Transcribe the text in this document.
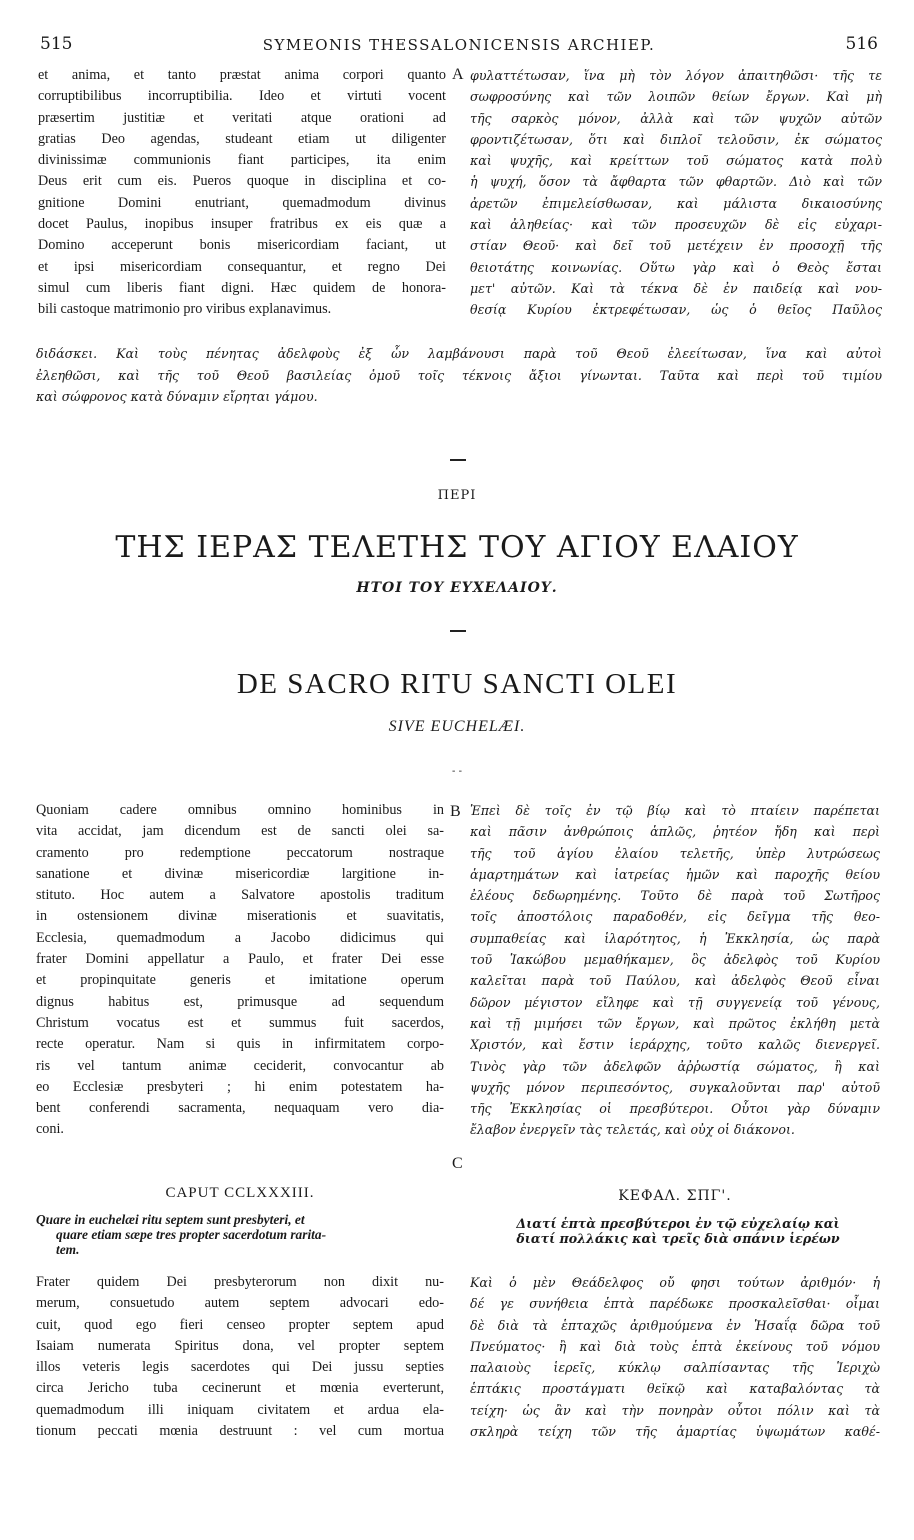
515	SYMEONIS THESSALONICENSIS ARCHIEP.	516
et anima, et tanto præstat anima corpori quanto
corruptibilibus incorruptibilia. Ideo et virtuti vocent
præsertim justitiæ et veritati atque orationi ad
gratias Deo agendas, studeant etiam ut diligenter
divinissimæ communionis fiant participes, ita enim
Deus erit cum eis. Pueros quoque in disciplina et co-
gnitione Domini enutriant, quemadmodum divinus
docet Paulus, inopibus insuper fratribus ex eis quæ a
Domino acceperunt bonis misericordiam faciant, ut
et ipsi misericordiam consequantur, et regno Dei
simul cum liberis fiant digni. Hæc quidem de honora-
bili castoque matrimonio pro viribus explanavimus.
A φυλαττέτωσαν, ἵνα μὴ τὸν λόγον ἀπαιτηθῶσι· τῆς τε
σωφροσύνης καὶ τῶν λοιπῶν θείων ἔργων. Καὶ μὴ
τῆς σαρκὸς μόνον, ἀλλὰ καὶ τῶν ψυχῶν αὐτῶν
φροντιζέτωσαν, ὅτι καὶ διπλοῖ τελοῦσιν, ἐκ σώματος
καὶ ψυχῆς, καὶ κρείττων τοῦ σώματος κατὰ πολὺ
ἡ ψυχή, ὅσον τὰ ἄφθαρτα τῶν φθαρτῶν. Διὸ καὶ τῶν
ἀρετῶν ἐπιμελείσθωσαν, καὶ μάλιστα δικαιοσύνης
καὶ ἀληθείας· καὶ τῶν προσευχῶν δὲ εἰς εὐχαρι-
στίαν Θεοῦ· καὶ δεῖ τοῦ μετέχειν ἐν προσοχῇ τῆς
θειοτάτης κοινωνίας. Οὕτω γὰρ καὶ ὁ Θεὸς ἔσται
μετ' αὐτῶν. Καὶ τὰ τέκνα δὲ ἐν παιδείᾳ καὶ νου-
θεσίᾳ Κυρίου ἐκτρεφέτωσαν, ὡς ὁ θεῖος Παῦλος
διδάσκει. Καὶ τοὺς πένητας ἀδελφοὺς ἐξ ὧν λαμβάνουσι παρὰ τοῦ Θεοῦ ἐλεείτωσαν, ἵνα καὶ αὐτοὶ
ἐλεηθῶσι, καὶ τῆς τοῦ Θεοῦ βασιλείας ὁμοῦ τοῖς τέκνοις ἄξιοι γίνωνται. Ταῦτα καὶ περὶ τοῦ τιμίου
καὶ σώφρονος κατὰ δύναμιν εἴρηται γάμου.
ΠΕΡΙ
ΤΗΣ ΙΕΡΑΣ ΤΕΛΕΤΗΣ ΤΟΥ ΑΓΙΟΥ ΕΛΑΙΟΥ
ΗΤΟΙ ΤΟΥ ΕΥΧΕΛΑΙΟΥ.
DE SACRO RITU SANCTI OLEI
SIVE EUCHELÆI.
- -
Quoniam cadere omnibus omnino hominibus in
vita accidat, jam dicendum est de sancti olei sa-
cramento pro redemptione peccatorum nostraque
sanatione et divinæ misericordiæ largitione in-
stituto. Hoc autem a Salvatore apostolis traditum
in ostensionem divinæ miserationis et suavitatis,
Ecclesia, quemadmodum a Jacobo didicimus qui
frater Domini appellatur a Paulo, et frater Dei esse
et propinquitate generis et imitatione operum
dignus habitus est, primusque ad sequendum
Christum vocatus est et summus fuit sacerdos,
recte operatur. Nam si quis in infirmitatem corpo-
ris vel tantum animæ ceciderit, convocantur ab
eo Ecclesiæ presbyteri ; hi enim potestatem ha-
bent conferendi sacramenta, nequaquam vero dia-
coni.
B
C
Ἐπεὶ δὲ τοῖς ἐν τῷ βίῳ καὶ τὸ πταίειν παρέπεται
καὶ πᾶσιν ἀνθρώποις ἁπλῶς, ῥητέον ἤδη καὶ περὶ
τῆς τοῦ ἁγίου ἐλαίου τελετῆς, ὑπὲρ λυτρώσεως
ἁμαρτημάτων καὶ ἰατρείας ἡμῶν καὶ παροχῆς θείου
ἐλέους δεδωρημένης. Τοῦτο δὲ παρὰ τοῦ Σωτῆρος
τοῖς ἀποστόλοις παραδοθέν, εἰς δεῖγμα τῆς θεο-
συμπαθείας καὶ ἱλαρότητος, ἡ Ἐκκλησία, ὡς παρὰ
τοῦ Ἰακώβου μεμαθήκαμεν, ὃς ἀδελφὸς τοῦ Κυρίου
καλεῖται παρὰ τοῦ Παύλου, καὶ ἀδελφὸς Θεοῦ εἶναι
δῶρον μέγιστον εἴληφε καὶ τῇ συγγενείᾳ τοῦ γένους,
καὶ τῇ μιμήσει τῶν ἔργων, καὶ πρῶτος ἐκλήθη μετὰ
Χριστόν, καὶ ἔστιν ἱεράρχης, τοῦτο καλῶς διενεργεῖ.
Τινὸς γὰρ τῶν ἀδελφῶν ἀῤῥωστίᾳ σώματος, ἢ καὶ
ψυχῆς μόνον περιπεσόντος, συγκαλοῦνται παρ' αὐτοῦ
τῆς Ἐκκλησίας οἱ πρεσβύτεροι. Οὗτοι γὰρ δύναμιν
ἔλαβον ἐνεργεῖν τὰς τελετάς, καὶ οὐχ οἱ διάκονοι.
CAPUT CCLXXXIII.
Quare in euchelæi ritu septem sunt presbyteri, et
quare etiam sæpe tres propter sacerdotum rarita-
tem.
ΚΕΦΑΛ. ΣΠΓ'.
Διατί ἑπτὰ πρεσβύτεροι ἐν τῷ εὐχελαίῳ καὶ
διατί πολλάκις καὶ τρεῖς διὰ σπάνιν ἱερέων
Frater quidem Dei presbyterorum non dixit nu-
merum, consuetudo autem septem advocari edo-
cuit, quod ego fieri censeo propter septem apud
Isaiam numerata Spiritus dona, vel propter septem
illos veteris legis sacerdotes qui Dei jussu septies
circa Jericho tuba cecinerunt et mœnia everterunt,
quemadmodum illi iniquam civitatem et ardua ela-
tionum peccati mœnia destruunt : vel cum mortua
Καὶ ὁ μὲν Θεάδελφος οὔ φησι τούτων ἀριθμόν· ἡ
δέ γε συνήθεια ἑπτὰ παρέδωκε προσκαλεῖσθαι· οἶμαι
δὲ διὰ τὰ ἑπταχῶς ἀριθμούμενα ἐν Ἡσαΐᾳ δῶρα τοῦ
Πνεύματος· ἢ καὶ διὰ τοὺς ἑπτὰ ἐκείνους τοῦ νόμου
παλαιοὺς ἱερεῖς, κύκλῳ σαλπίσαντας τῆς Ἱεριχὼ
ἑπτάκις προστάγματι θεϊκῷ καὶ καταβαλόντας τὰ
τείχη· ὡς ἂν καὶ τὴν πονηρὰν οὗτοι πόλιν καὶ τὰ
σκληρὰ τείχη τῶν τῆς ἁμαρτίας ὑψωμάτων καθέ-
